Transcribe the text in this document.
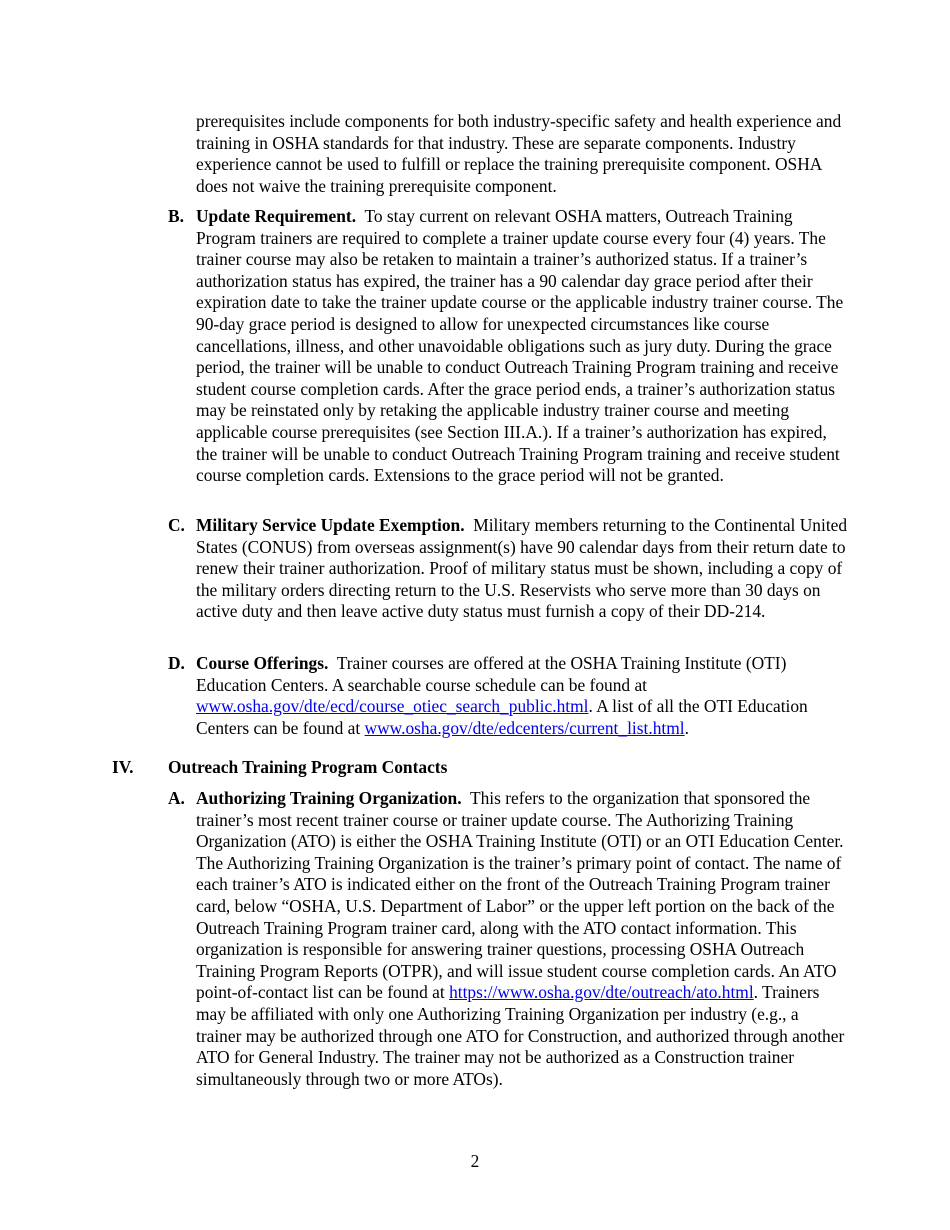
prerequisites include components for both industry-specific safety and health experience and training in OSHA standards for that industry. These are separate components. Industry experience cannot be used to fulfill or replace the training prerequisite component. OSHA does not waive the training prerequisite component.

B. Update Requirement. To stay current on relevant OSHA matters, Outreach Training Program trainers are required to complete a trainer update course every four (4) years. The trainer course may also be retaken to maintain a trainer’s authorized status. If a trainer’s authorization status has expired, the trainer has a 90 calendar day grace period after their expiration date to take the trainer update course or the applicable industry trainer course. The 90-day grace period is designed to allow for unexpected circumstances like course cancellations, illness, and other unavoidable obligations such as jury duty. During the grace period, the trainer will be unable to conduct Outreach Training Program training and receive student course completion cards. After the grace period ends, a trainer’s authorization status may be reinstated only by retaking the applicable industry trainer course and meeting applicable course prerequisites (see Section III.A.). If a trainer’s authorization has expired, the trainer will be unable to conduct Outreach Training Program training and receive student course completion cards. Extensions to the grace period will not be granted.

C. Military Service Update Exemption. Military members returning to the Continental United States (CONUS) from overseas assignment(s) have 90 calendar days from their return date to renew their trainer authorization. Proof of military status must be shown, including a copy of the military orders directing return to the U.S. Reservists who serve more than 30 days on active duty and then leave active duty status must furnish a copy of their DD-214.

D. Course Offerings. Trainer courses are offered at the OSHA Training Institute (OTI) Education Centers. A searchable course schedule can be found at www.osha.gov/dte/ecd/course_otiec_search_public.html. A list of all the OTI Education Centers can be found at www.osha.gov/dte/edcenters/current_list.html.

IV. Outreach Training Program Contacts
A. Authorizing Training Organization. This refers to the organization that sponsored the trainer’s most recent trainer course or trainer update course. The Authorizing Training Organization (ATO) is either the OSHA Training Institute (OTI) or an OTI Education Center. The Authorizing Training Organization is the trainer’s primary point of contact. The name of each trainer’s ATO is indicated either on the front of the Outreach Training Program trainer card, below “OSHA, U.S. Department of Labor” or the upper left portion on the back of the Outreach Training Program trainer card, along with the ATO contact information. This organization is responsible for answering trainer questions, processing OSHA Outreach Training Program Reports (OTPR), and will issue student course completion cards. An ATO point-of-contact list can be found at https://www.osha.gov/dte/outreach/ato.html. Trainers may be affiliated with only one Authorizing Training Organization per industry (e.g., a trainer may be authorized through one ATO for Construction, and authorized through another ATO for General Industry. The trainer may not be authorized as a Construction trainer simultaneously through two or more ATOs).

2
